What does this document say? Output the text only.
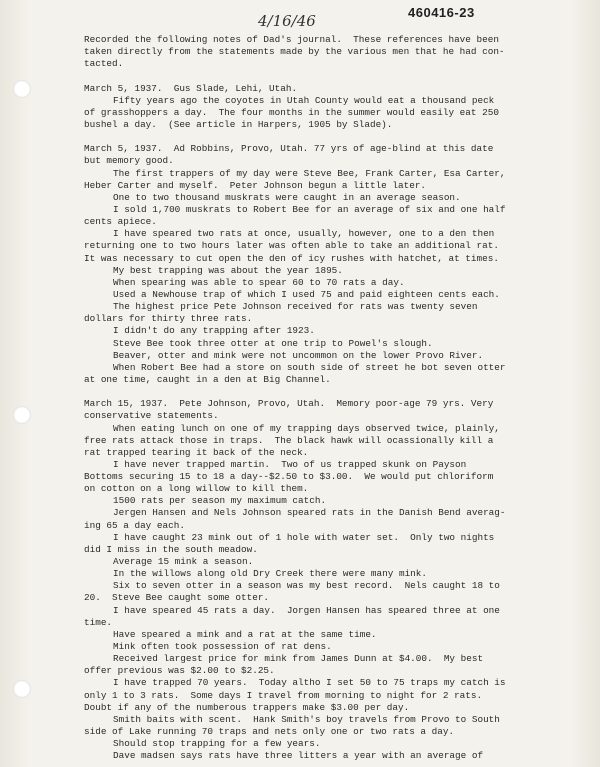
4/16/46	460416-23
Recorded the following notes of Dad's journal.  These references have been
taken directly from the statements made by the various men that he had con-
tacted.
March 5, 1937.  Gus Slade, Lehi, Utah.
Fifty years ago the coyotes in Utah County would eat a thousand peck
of grasshoppers a day.  The four months in the summer would easily eat 250
bushel a day.  (See article in Harpers, 1905 by Slade).
March 5, 1937.  Ad Robbins, Provo, Utah. 77 yrs of age-blind at this date
but memory good.
The first trappers of my day were Steve Bee, Frank Carter, Esa Carter,
Heber Carter and myself.  Peter Johnson begun a little later.
One to two thousand muskrats were caught in an average season.
I sold 1,700 muskrats to Robert Bee for an average of six and one half
cents apiece.
I have speared two rats at once, usually, however, one to a den then
returning one to two hours later was often able to take an additional rat.
It was necessary to cut open the den of icy rushes with hatchet, at times.
My best trapping was about the year 1895.
When spearing was able to spear 60 to 70 rats a day.
Used a Newhouse trap of which I used 75 and paid eighteen cents each.
The highest price Pete Johnson received for rats was twenty seven
dollars for thirty three rats.
I didn't do any trapping after 1923.
Steve Bee took three otter at one trip to Powel's slough.
Beaver, otter and mink were not uncommon on the lower Provo River.
When Robert Bee had a store on south side of street he bot seven otter
at one time, caught in a den at Big Channel.
March 15, 1937.  Pete Johnson, Provo, Utah.  Memory poor-age 79 yrs. Very
conservative statements.
When eating lunch on one of my trapping days observed twice, plainly,
free rats attack those in traps.  The black hawk will ocassionally kill a
rat trapped tearing it back of the neck.
I have never trapped martin.  Two of us trapped skunk on Payson
Bottoms securing 15 to 18 a day--$2.50 to $3.00.  We would put chloriform
on cotton on a long willow to kill them.
1500 rats per season my maximum catch.
Jergen Hansen and Nels Johnson speared rats in the Danish Bend averag-
ing 65 a day each.
I have caught 23 mink out of 1 hole with water set.  Only two nights
did I miss in the south meadow.
Average 15 mink a season.
In the willows along old Dry Creek there were many mink.
Six to seven otter in a season was my best record.  Nels caught 18 to
20.  Steve Bee caught some otter.
I have speared 45 rats a day.  Jorgen Hansen has speared three at one
time.
Have speared a mink and a rat at the same time.
Mink often took possession of rat dens.
Received largest price for mink from James Dunn at $4.00.  My best
offer previous was $2.00 to $2.25.
I have trapped 70 years.  Today altho I set 50 to 75 traps my catch is
only 1 to 3 rats.  Some days I travel from morning to night for 2 rats.
Doubt if any of the numberous trappers make $3.00 per day.
Smith baits with scent.  Hank Smith's boy travels from Provo to South
side of Lake running 70 traps and nets only one or two rats a day.
Should stop trapping for a few years.
Dave madsen says rats have three litters a year with an average of
